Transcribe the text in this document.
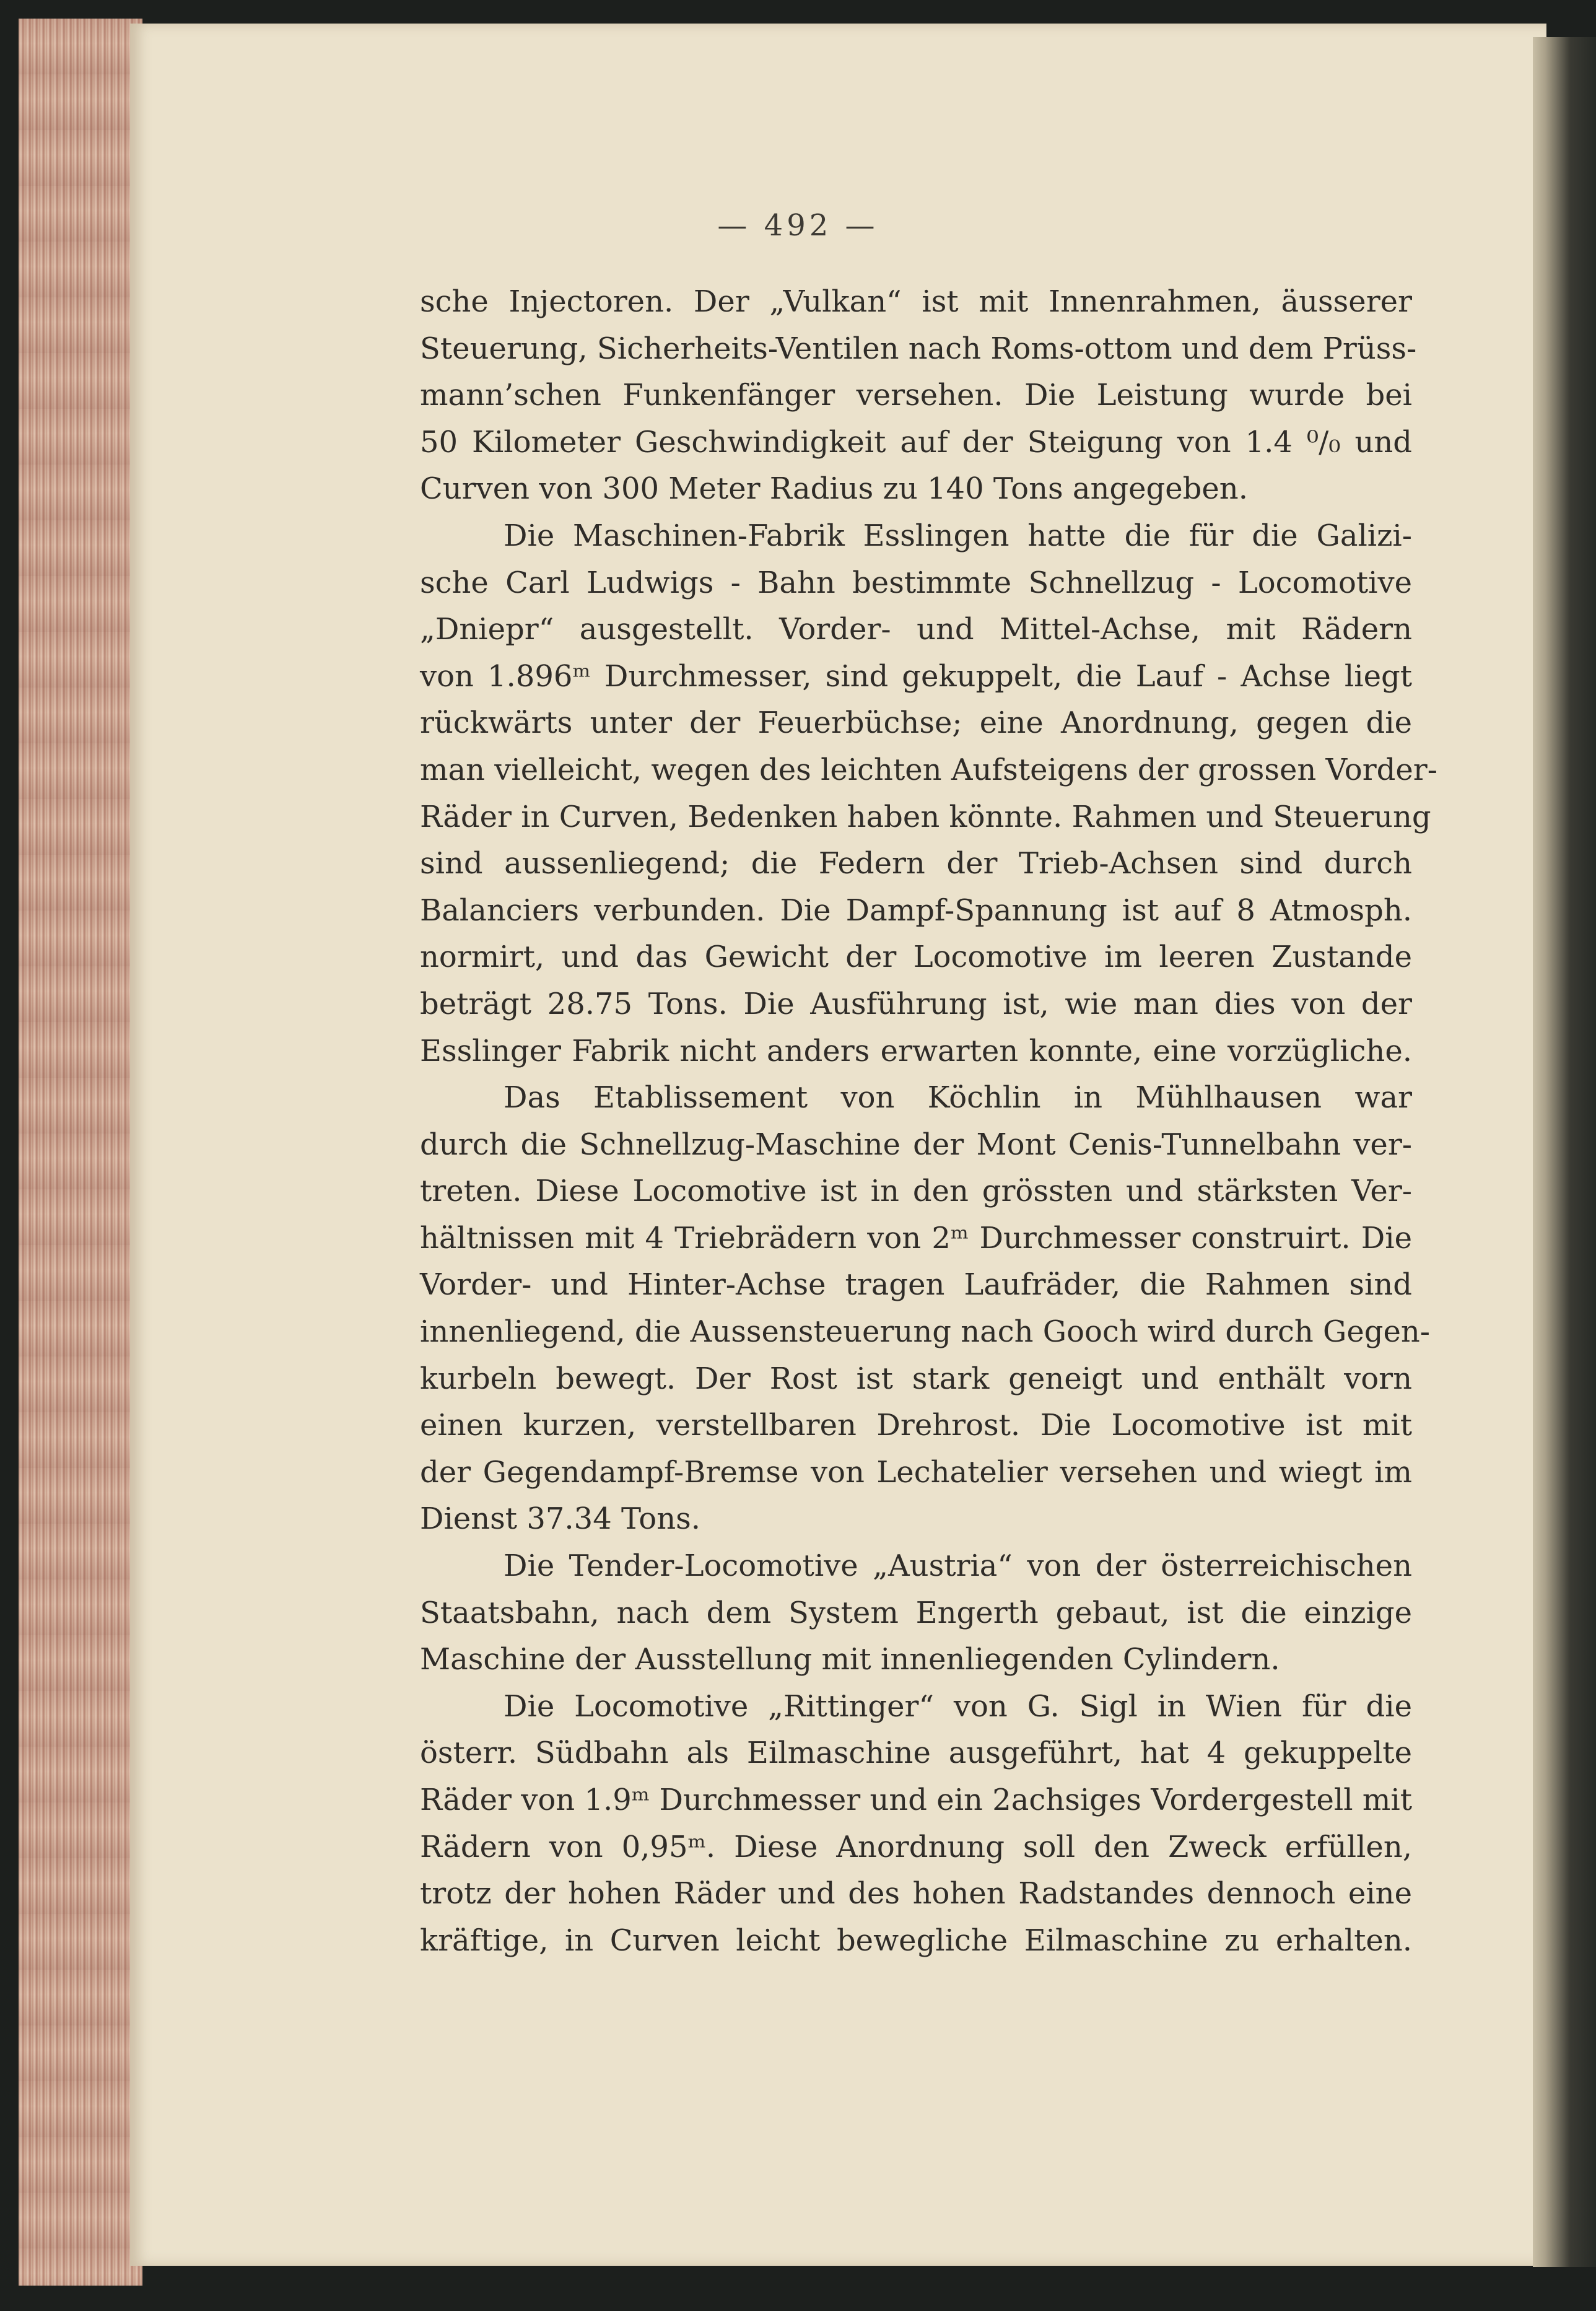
— 492 —
sche Injectoren. Der „Vulkan“ ist mit Innenrahmen, äusserer
Steuerung, Sicherheits-Ventilen nach Roms-ottom und dem Prüss-
mann’schen Funkenfänger versehen. Die Leistung wurde bei
50 Kilometer Geschwindigkeit auf der Steigung von 1.4 ⁰/₀ und
Curven von 300 Meter Radius zu 140 Tons angegeben.
Die Maschinen-Fabrik Esslingen hatte die für die Galizi-
sche Carl Ludwigs - Bahn bestimmte Schnellzug - Locomotive
„Dniepr“ ausgestellt. Vorder- und Mittel-Achse, mit Rädern
von 1.896ᵐ Durchmesser, sind gekuppelt, die Lauf - Achse liegt
rückwärts unter der Feuerbüchse; eine Anordnung, gegen die
man vielleicht, wegen des leichten Aufsteigens der grossen Vorder-
Räder in Curven, Bedenken haben könnte. Rahmen und Steuerung
sind aussenliegend; die Federn der Trieb-Achsen sind durch
Balanciers verbunden. Die Dampf-Spannung ist auf 8 Atmosph.
normirt, und das Gewicht der Locomotive im leeren Zustande
beträgt 28.75 Tons. Die Ausführung ist, wie man dies von der
Esslinger Fabrik nicht anders erwarten konnte, eine vorzügliche.
Das Etablissement von Köchlin in Mühlhausen war
durch die Schnellzug-Maschine der Mont Cenis-Tunnelbahn ver-
treten. Diese Locomotive ist in den grössten und stärksten Ver-
hältnissen mit 4 Triebrädern von 2ᵐ Durchmesser construirt. Die
Vorder- und Hinter-Achse tragen Laufräder, die Rahmen sind
innenliegend, die Aussensteuerung nach Gooch wird durch Gegen-
kurbeln bewegt. Der Rost ist stark geneigt und enthält vorn
einen kurzen, verstellbaren Drehrost. Die Locomotive ist mit
der Gegendampf-Bremse von Lechatelier versehen und wiegt im
Dienst 37.34 Tons.
Die Tender-Locomotive „Austria“ von der österreichischen
Staatsbahn, nach dem System Engerth gebaut, ist die einzige
Maschine der Ausstellung mit innenliegenden Cylindern.
Die Locomotive „Rittinger“ von G. Sigl in Wien für die
österr. Südbahn als Eilmaschine ausgeführt, hat 4 gekuppelte
Räder von 1.9ᵐ Durchmesser und ein 2achsiges Vordergestell mit
Rädern von 0,95ᵐ. Diese Anordnung soll den Zweck erfüllen,
trotz der hohen Räder und des hohen Radstandes dennoch eine
kräftige, in Curven leicht bewegliche Eilmaschine zu erhalten.
